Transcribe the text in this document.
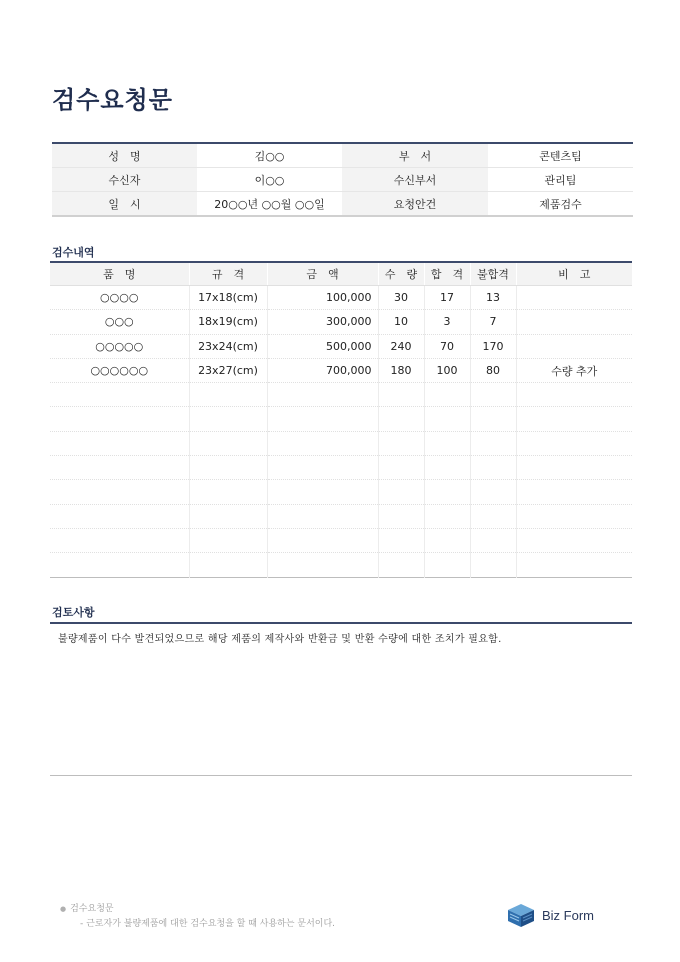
검수요청문
성　명	김○○	부　서	콘텐츠팀
수신자	이○○	수신부서	관리팀
일　시	20○○년 ○○월 ○○일	요청안건	제품검수
검수내역
품　명	규　격	금　액	수　량	합　격	불합격	비　고
○○○○	17x18(cm)	100,000	30	17	13	
○○○	18x19(cm)	300,000	10	3	7	
○○○○○	23x24(cm)	500,000	240	70	170	
○○○○○○	23x27(cm)	700,000	180	100	80	수량 추가

검토사항

불량제품이 다수 발견되었으므로 해당 제품의 제작사와 반환금 및 반환 수량에 대한 조치가 필요함.

● 검수요청문
- 근로자가 불량제품에 대한 검수요청을 할 때 사용하는 문서이다.
Biz Form
